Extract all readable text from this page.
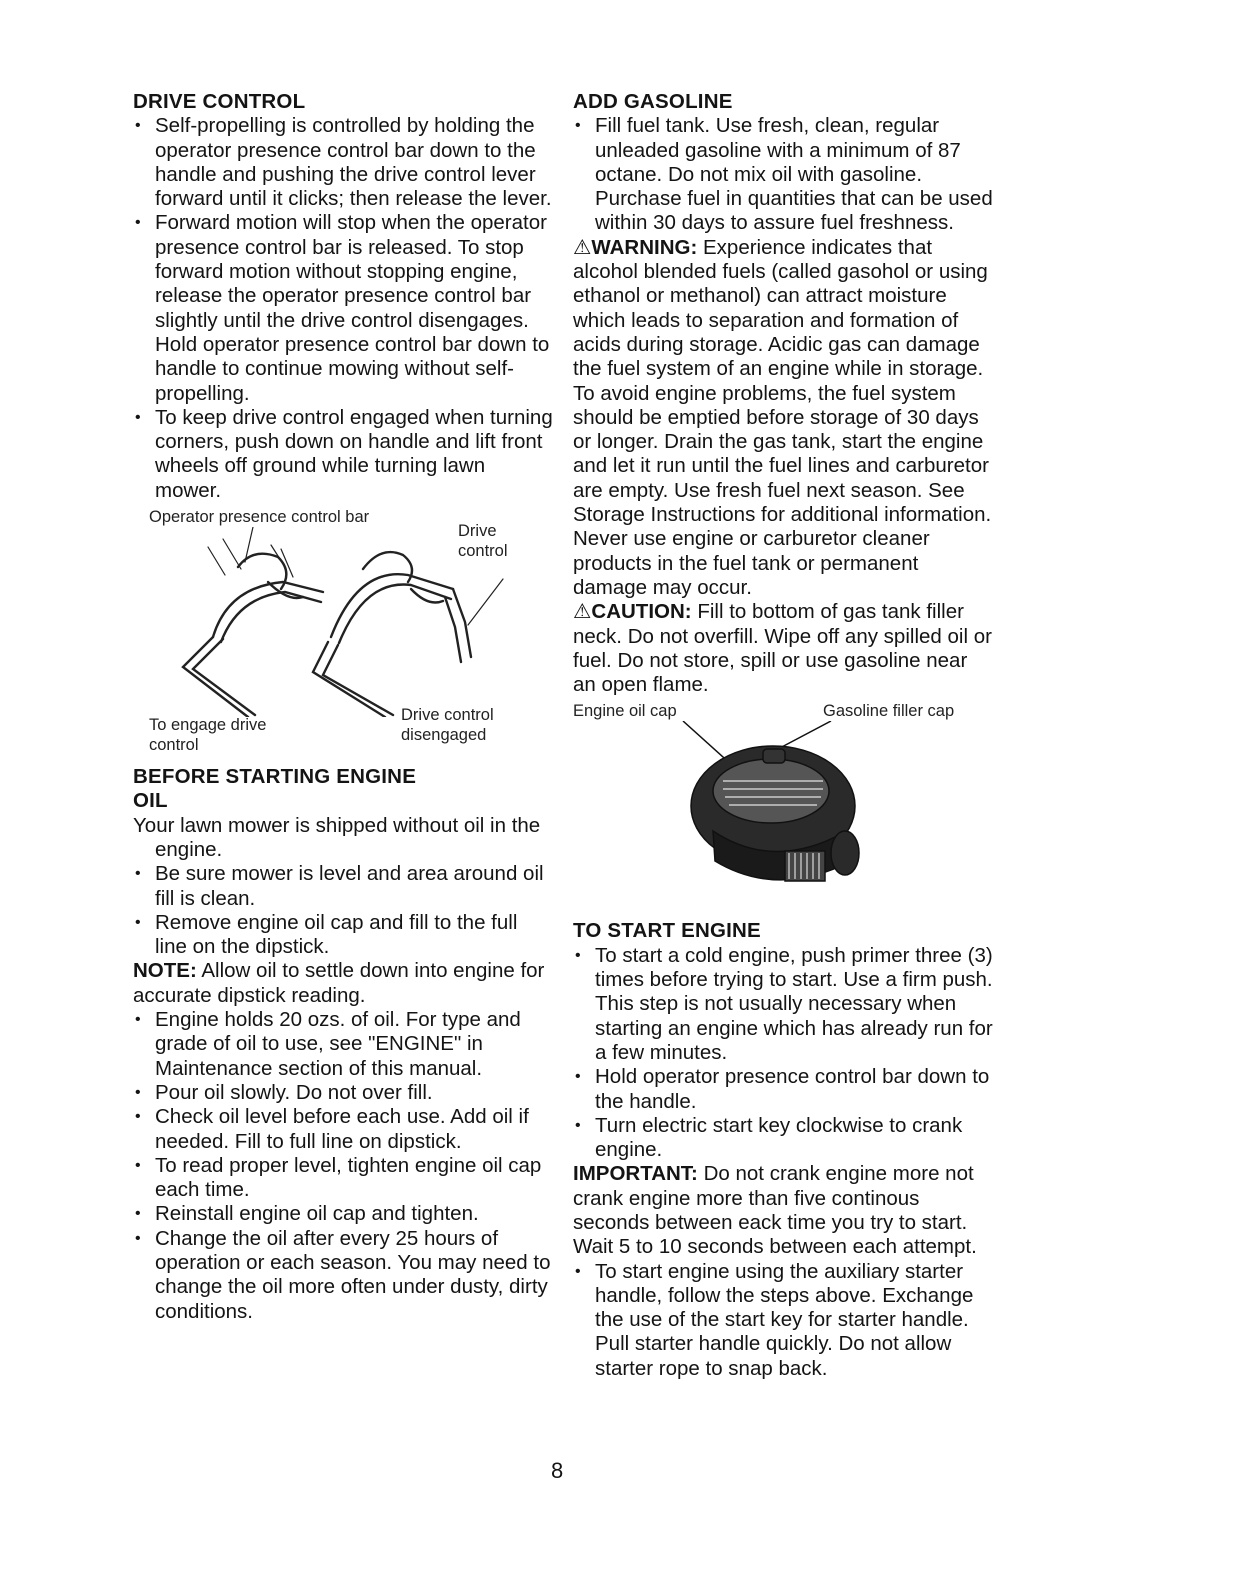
DRIVE CONTROL
• Self-propelling is controlled by holding the operator presence control bar down to the handle and pushing the drive control lever forward until it clicks; then release the lever.
• Forward motion will stop when the operator presence control bar is released. To stop forward motion without stopping engine, release the operator presence control bar slightly until the drive control disengages. Hold operator presence control bar down to handle to continue mowing without self-propelling.
• To keep drive control engaged when turning corners, push down on handle and lift front wheels off ground while turning lawn mower.
Operator presence control bar
Drive control
To engage drive control
Drive control disengaged
BEFORE STARTING ENGINE
OIL

Your lawn mower is shipped without oil in the engine.

• Be sure mower is level and area around oil fill is clean.
• Remove engine oil cap and fill to the full line on the dipstick.

NOTE: Allow oil to settle down into engine for accurate dipstick reading.

• Engine holds 20 ozs. of oil. For type and grade of oil to use, see "ENGINE" in Maintenance section of this manual.
• Pour oil slowly. Do not over fill.
• Check oil level before each use. Add oil if needed. Fill to full line on dipstick.
• To read proper level, tighten engine oil cap each time.
• Reinstall engine oil cap and tighten.
• Change the oil after every 25 hours of operation or each season. You may need to change the oil more often under dusty, dirty conditions.
ADD GASOLINE
• Fill fuel tank. Use fresh, clean, regular unleaded gasoline with a minimum of 87 octane. Do not mix oil with gasoline. Purchase fuel in quantities that can be used within 30 days to assure fuel freshness.

⚠WARNING: Experience indicates that alcohol blended fuels (called gasohol or using ethanol or methanol) can attract moisture which leads to separation and formation of acids during storage. Acidic gas can damage the fuel system of an engine while in storage. To avoid engine problems, the fuel system should be emptied before storage of 30 days or longer. Drain the gas tank, start the engine and let it run until the fuel lines and carburetor are empty. Use fresh fuel next season. See Storage Instructions for additional information. Never use engine or carburetor cleaner products in the fuel tank or permanent damage may occur.

⚠CAUTION: Fill to bottom of gas tank filler neck. Do not overfill. Wipe off any spilled oil or fuel. Do not store, spill or use gasoline near an open flame.

Engine oil cap	Gasoline filler cap
TO START ENGINE
• To start a cold engine, push primer three (3) times before trying to start. Use a firm push. This step is not usually necessary when starting an engine which has already run for a few minutes.
• Hold operator presence control bar down to the handle.
• Turn electric start key clockwise to crank engine.

IMPORTANT: Do not crank engine more not crank engine more than five continous seconds between eack time you try to start. Wait 5 to 10 seconds between each attempt.

• To start engine using the auxiliary starter handle, follow the steps above. Exchange the use of the start key for starter handle. Pull starter handle quickly. Do not allow starter rope to snap back.
8
